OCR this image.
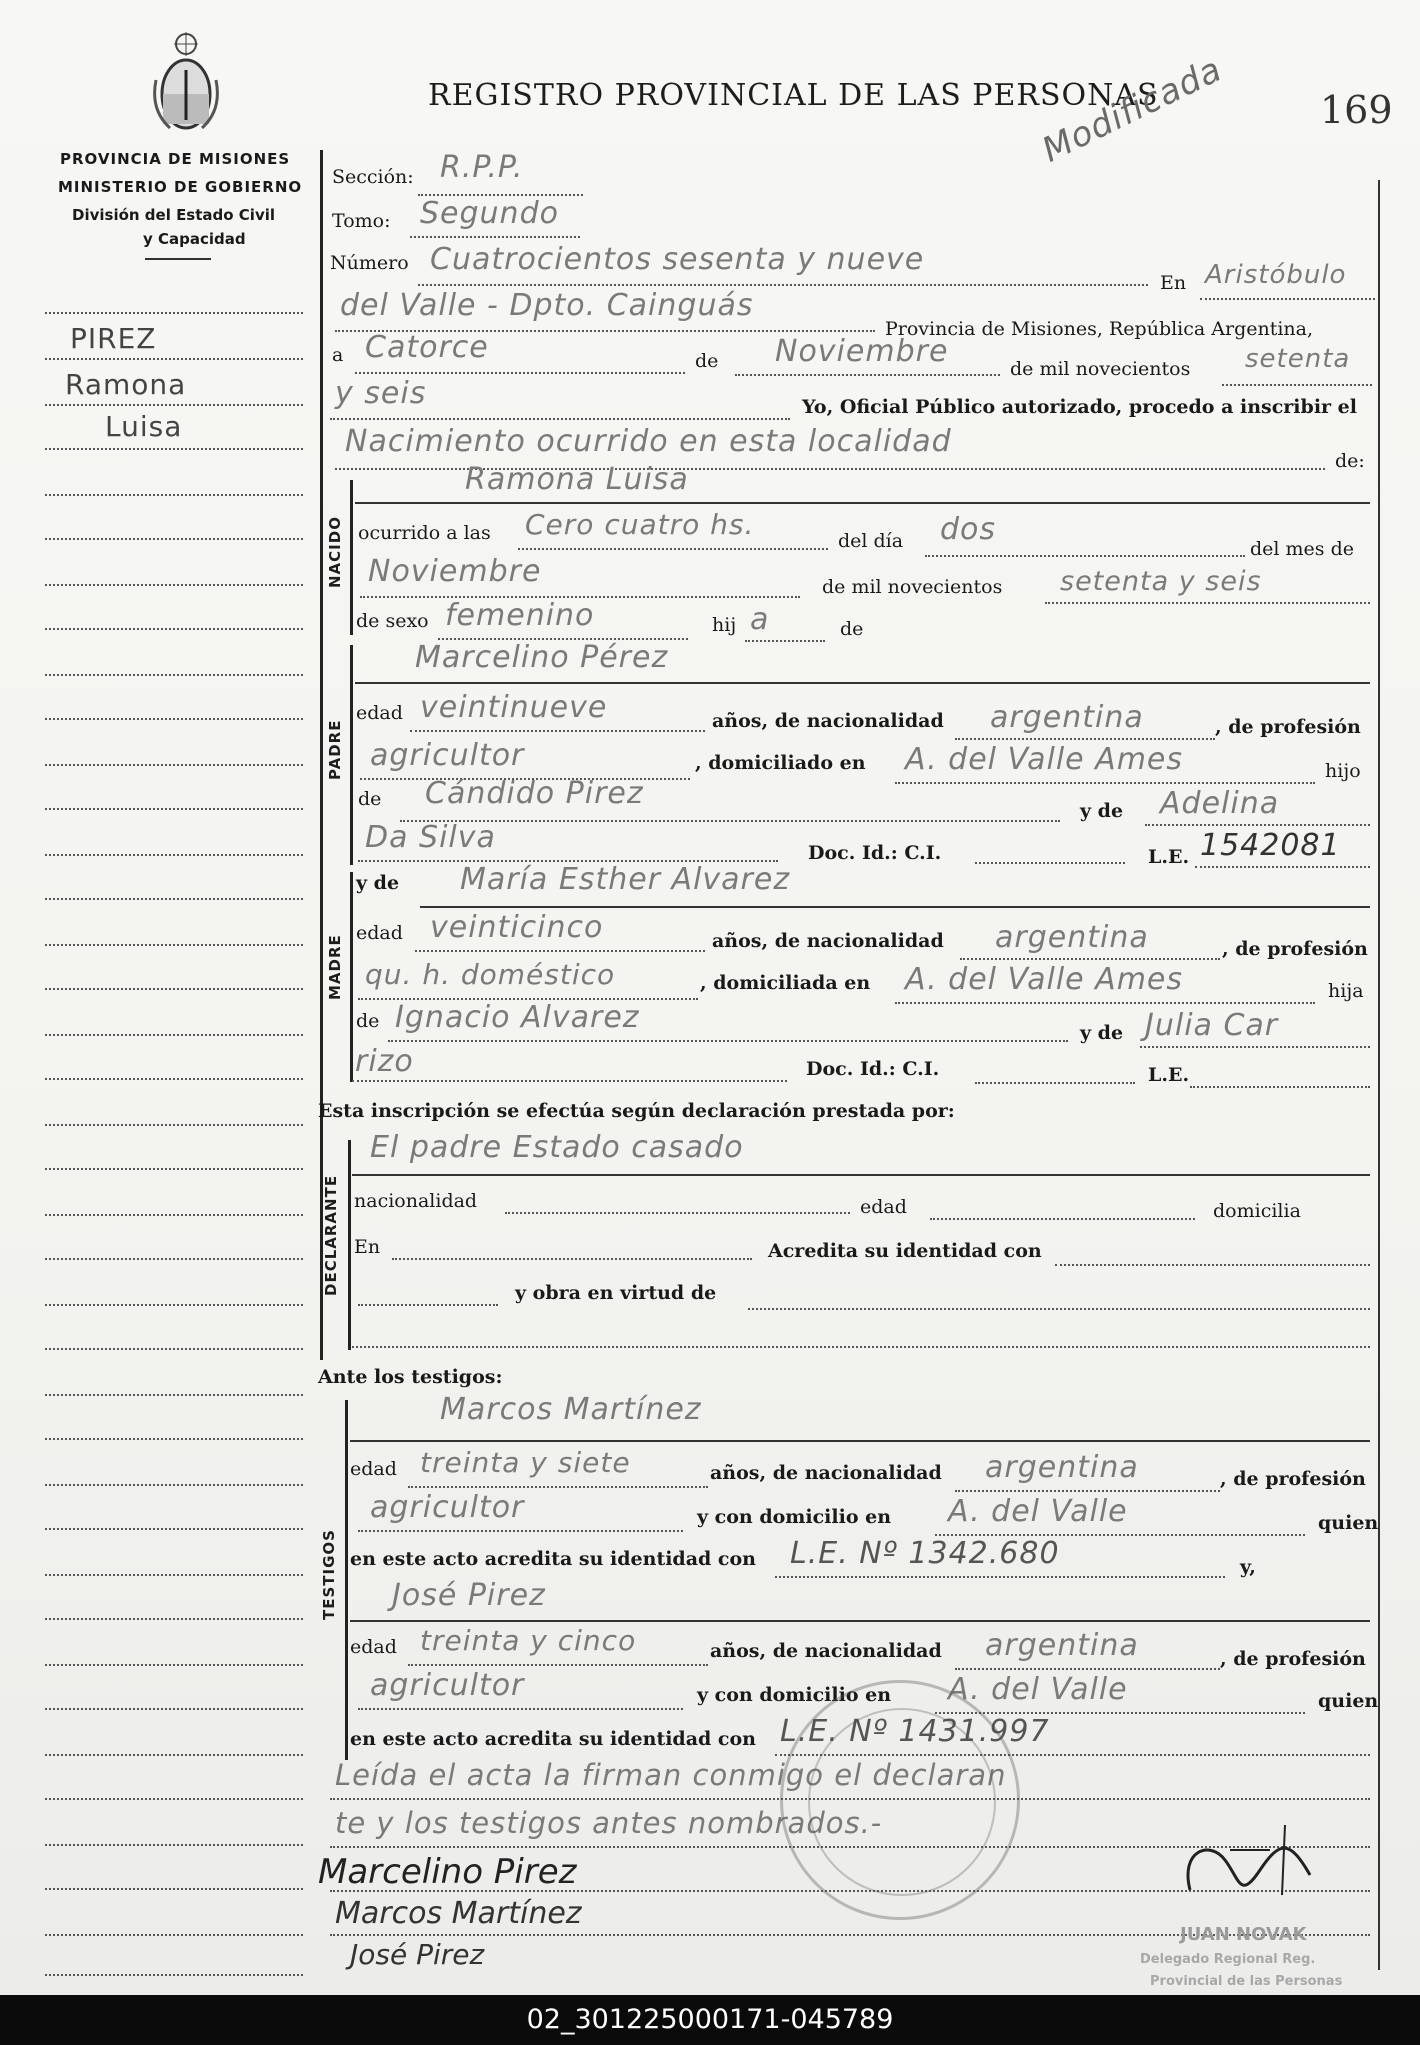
PROVINCIA DE MISIONES
MINISTERIO DE GOBIERNO
División del Estado Civil
y Capacidad
REGISTRO PROVINCIAL DE LAS PERSONAS	169
Modificada
PIREZ
Ramona
Luisa
Sección: R.P.P.
Tomo: Segundo
Número Cuatrocientos sesenta y nueve
En Aristóbulo
del Valle - Dpto. Cainguás
Provincia de Misiones, República Argentina,
a Catorce	de Noviembre	de mil novecientos setenta
y seis	Yo, Oficial Público autorizado, procedo a inscribir el
Nacimiento ocurrido en esta localidad
de:
NACIDO
Ramona Luisa
ocurrido a las Cero cuatro hs.	del día dos
del mes de
Noviembre	de mil novecientos setenta y seis
de sexo femenino	hij a	de
PADRE
Marcelino Pérez
edad veintinueve	años, de nacionalidad argentina	, de profesión
agricultor	, domiciliado en A. del Valle Ames	hijo
de Cándido Pirez	y de Adelina
Da Silva	Doc. Id.: C.I.	L.E. 1542081
MADRE
y de María Esther Alvarez
edad veinticinco	años, de nacionalidad argentina	, de profesión
qu. h. doméstico	, domiciliada en A. del Valle Ames	hija
de Ignacio Alvarez	y de Julia Car
rizo	Doc. Id.: C.I.	L.E.
Esta inscripción se efectúa según declaración prestada por:
DECLARANTE
El padre Estado casado
nacionalidad	edad	domicilia
En	Acredita su identidad con
y obra en virtud de
Ante los testigos:
TESTIGOS
Marcos Martínez
edad treinta y siete	años, de nacionalidad argentina	, de profesión
agricultor	y con domicilio en A. del Valle	quien
en este acto acredita su identidad con L.E. Nº 1342.680	y,
José Pirez
edad treinta y cinco	años, de nacionalidad argentina	, de profesión
agricultor	y con domicilio en A. del Valle	quien
en este acto acredita su identidad con L.E. Nº 1431.997
Leída el acta la firman conmigo el declaran
te y los testigos antes nombrados.-
Marcelino Pirez
Marcos Martínez
José Pirez
JUAN NOVAK
Delegado Regional Reg.
Provincial de las Personas
02_301225000171-045789
